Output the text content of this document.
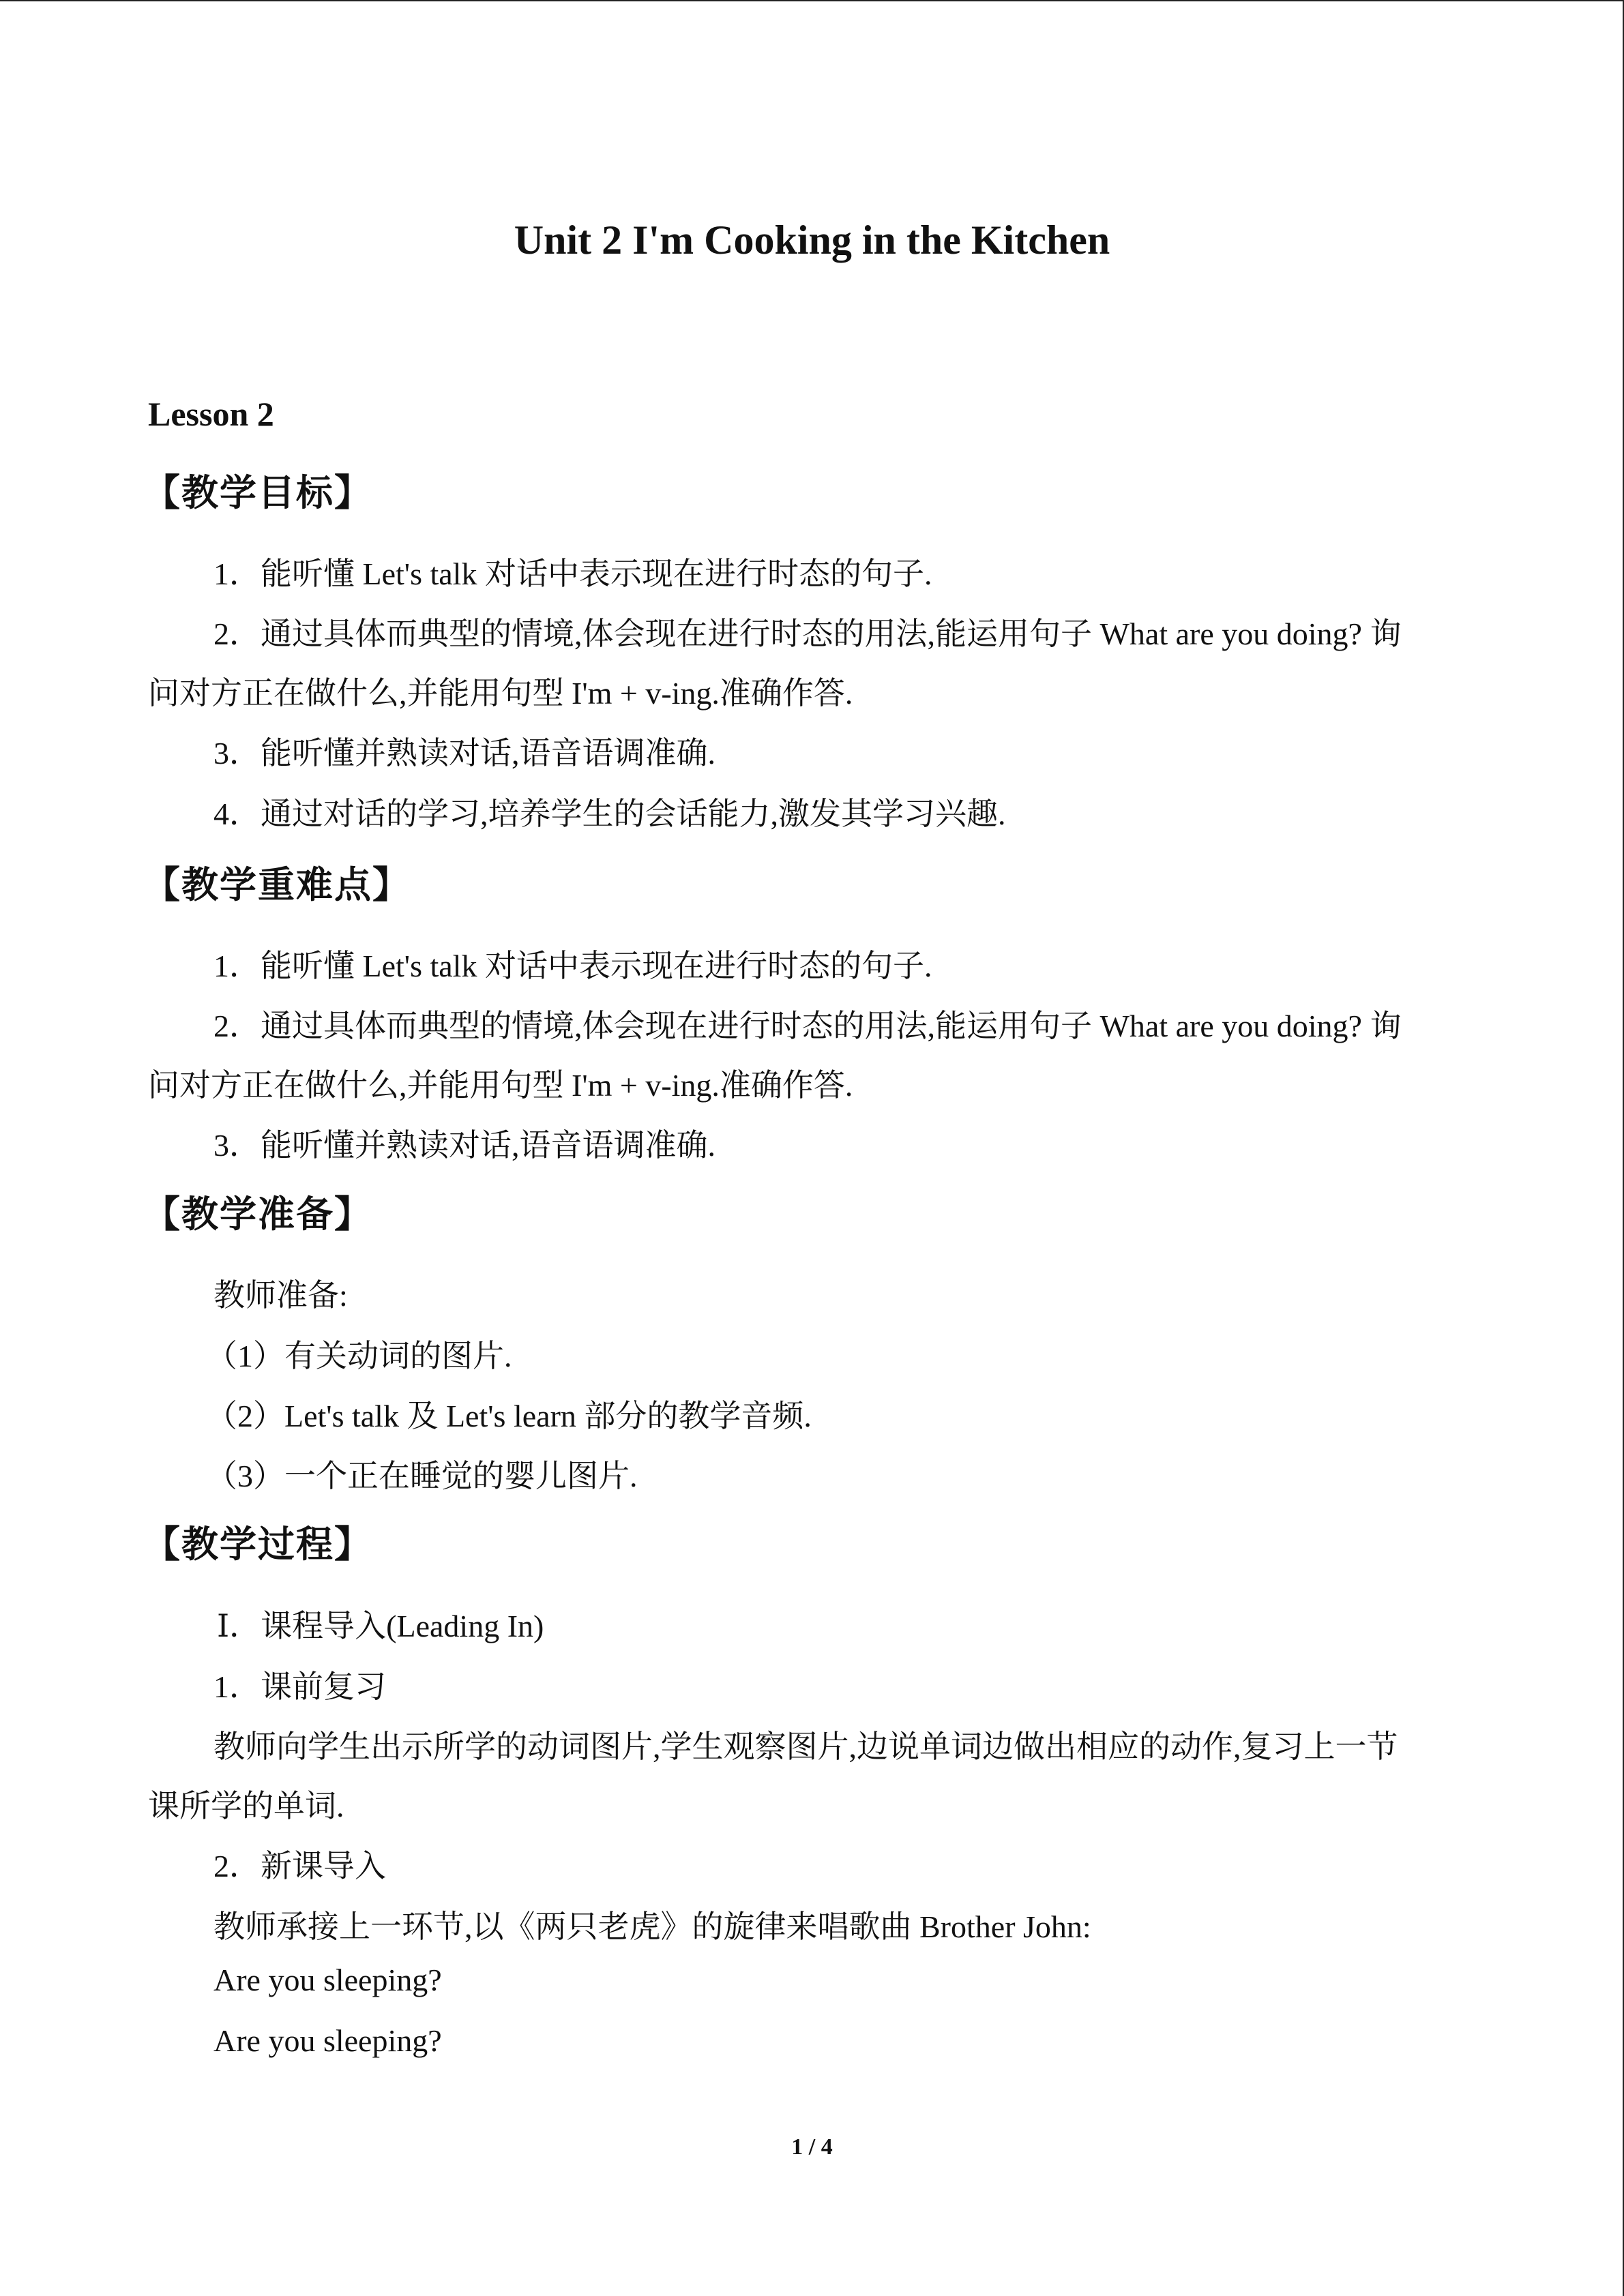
Unit 2 I'm Cooking in the Kitchen
Lesson 2
【教学目标】
1．能听懂 Let's talk 对话中表示现在进行时态的句子.
2．通过具体而典型的情境,体会现在进行时态的用法,能运用句子 What are you doing? 询
问对方正在做什么,并能用句型 I'm + v-ing.准确作答.
3．能听懂并熟读对话,语音语调准确.
4．通过对话的学习,培养学生的会话能力,激发其学习兴趣.
【教学重难点】
1．能听懂 Let's talk 对话中表示现在进行时态的句子.
2．通过具体而典型的情境,体会现在进行时态的用法,能运用句子 What are you doing? 询
问对方正在做什么,并能用句型 I'm + v-ing.准确作答.
3．能听懂并熟读对话,语音语调准确.
【教学准备】
教师准备:
（1）有关动词的图片.
（2）Let's talk 及 Let's learn 部分的教学音频.
（3）一个正在睡觉的婴儿图片.
【教学过程】
Ⅰ．课程导入(Leading In)
1．课前复习
教师向学生出示所学的动词图片,学生观察图片,边说单词边做出相应的动作,复习上一节
课所学的单词.
2．新课导入
教师承接上一环节,以《两只老虎》的旋律来唱歌曲 Brother John:
Are you sleeping?
Are you sleeping?
1 / 4
